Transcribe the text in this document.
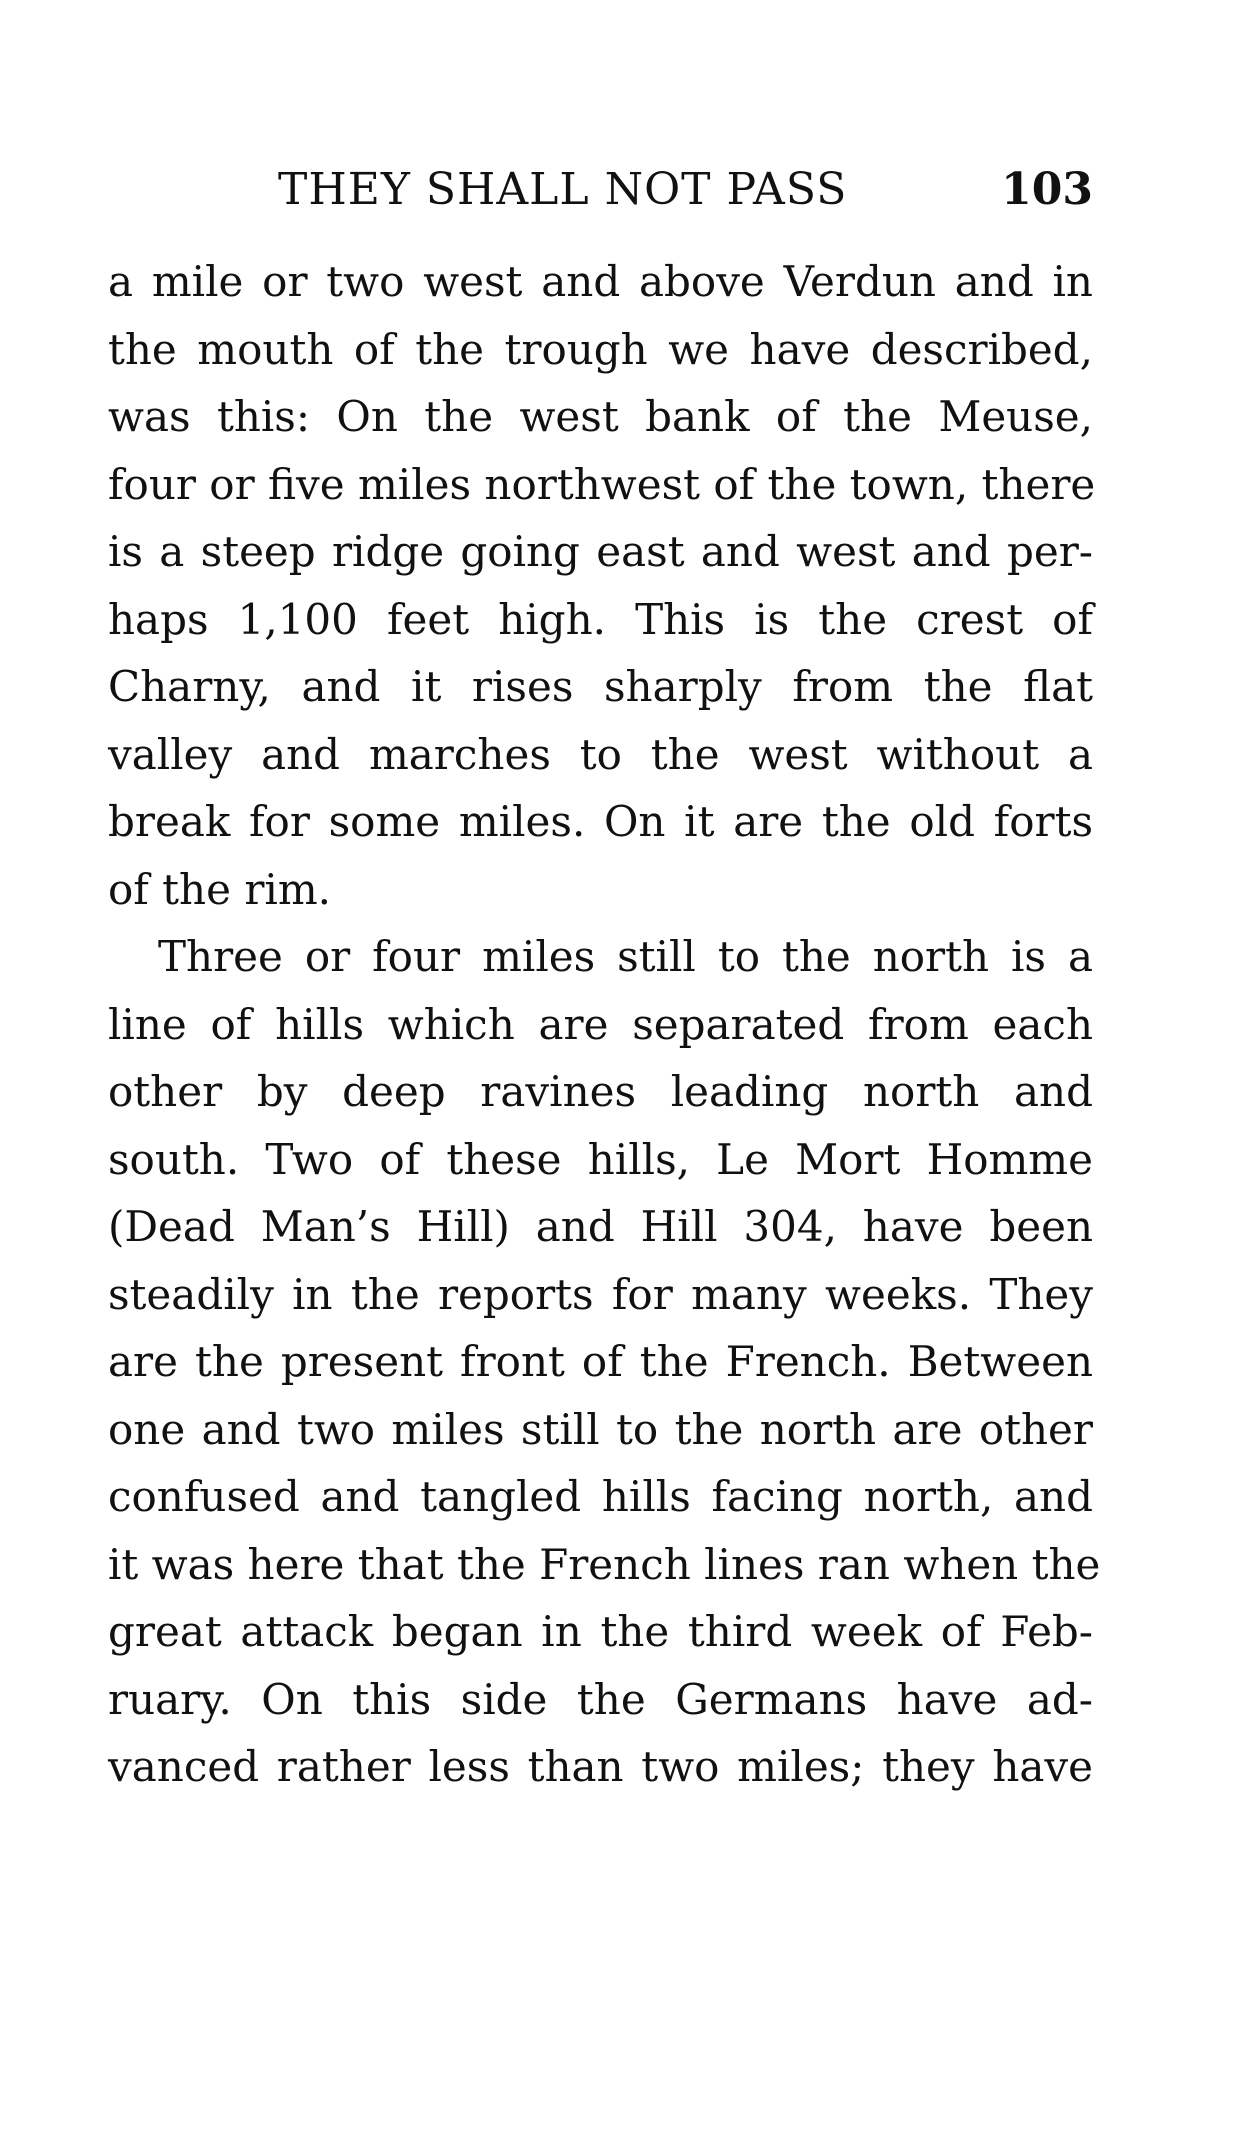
THEY SHALL NOT PASS	103
a mile or two west and above Verdun and in
the mouth of the trough we have described,
was this: On the west bank of the Meuse,
four or five miles northwest of the town, there
is a steep ridge going east and west and per-
haps 1,100 feet high. This is the crest of
Charny, and it rises sharply from the flat
valley and marches to the west without a
break for some miles. On it are the old forts
of the rim.
Three or four miles still to the north is a
line of hills which are separated from each
other by deep ravines leading north and
south. Two of these hills, Le Mort Homme
(Dead Man’s Hill) and Hill 304, have been
steadily in the reports for many weeks. They
are the present front of the French. Between
one and two miles still to the north are other
confused and tangled hills facing north, and
it was here that the French lines ran when the
great attack began in the third week of Feb-
ruary. On this side the Germans have ad-
vanced rather less than two miles; they have
